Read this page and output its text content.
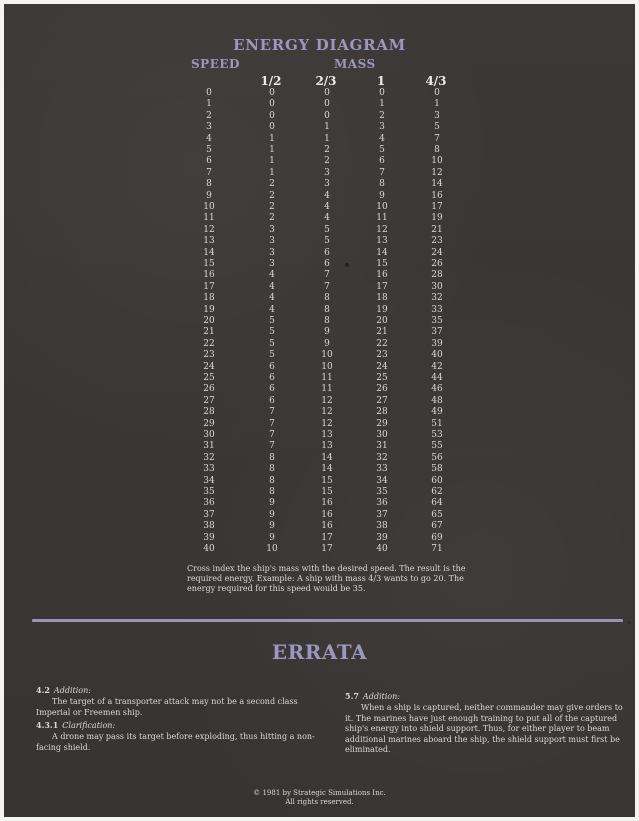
ENERGY DIAGRAM
SPEED	MASS
1/2	2/3	1	4/3
0	0	0	0	0
1	0	0	1	1
2	0	0	2	3
3	0	1	3	5
4	1	1	4	7
5	1	2	5	8
6	1	2	6	10
7	1	3	7	12
8	2	3	8	14
9	2	4	9	16
10	2	4	10	17
11	2	4	11	19
12	3	5	12	21
13	3	5	13	23
14	3	6	14	24
15	3	6	15	26
16	4	7	16	28
17	4	7	17	30
18	4	8	18	32
19	4	8	19	33
20	5	8	20	35
21	5	9	21	37
22	5	9	22	39
23	5	10	23	40
24	6	10	24	42
25	6	11	25	44
26	6	11	26	46
27	6	12	27	48
28	7	12	28	49
29	7	12	29	51
30	7	13	30	53
31	7	13	31	55
32	8	14	32	56
33	8	14	33	58
34	8	15	34	60
35	8	15	35	62
36	9	16	36	64
37	9	16	37	65
38	9	16	38	67
39	9	17	39	69
40	10	17	40	71
Cross index the ship's mass with the desired speed. The result is the required energy. Example: A ship with mass 4/3 wants to go 20. The energy required for this speed would be 35.
ERRATA
4.2 Addition:
The target of a transporter attack may not be a second class Imperial or Freemen ship.
4.3.1 Clarification:
A drone may pass its target before exploding, thus hitting a non-facing shield.
5.7 Addition:
When a ship is captured, neither commander may give orders to it. The marines have just enough training to put all of the captured ship's energy into shield support. Thus, for either player to beam additional marines aboard the ship, the shield support must first be eliminated.
© 1981 by Strategic Simulations Inc.
All rights reserved.
